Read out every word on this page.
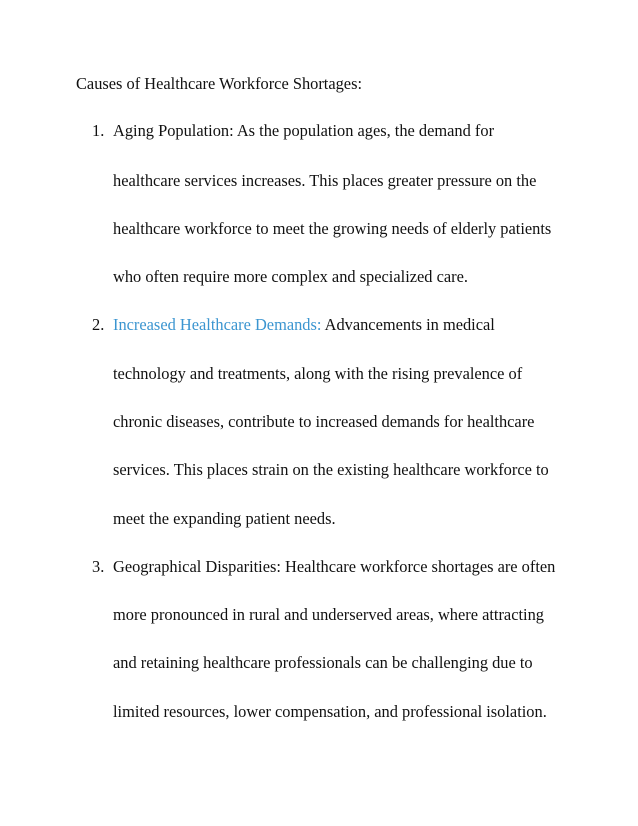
Causes of Healthcare Workforce Shortages:
1. Aging Population: As the population ages, the demand for
healthcare services increases. This places greater pressure on the
healthcare workforce to meet the growing needs of elderly patients
who often require more complex and specialized care.
2. Increased Healthcare Demands: Advancements in medical
technology and treatments, along with the rising prevalence of
chronic diseases, contribute to increased demands for healthcare
services. This places strain on the existing healthcare workforce to
meet the expanding patient needs.
3. Geographical Disparities: Healthcare workforce shortages are often
more pronounced in rural and underserved areas, where attracting
and retaining healthcare professionals can be challenging due to
limited resources, lower compensation, and professional isolation.
